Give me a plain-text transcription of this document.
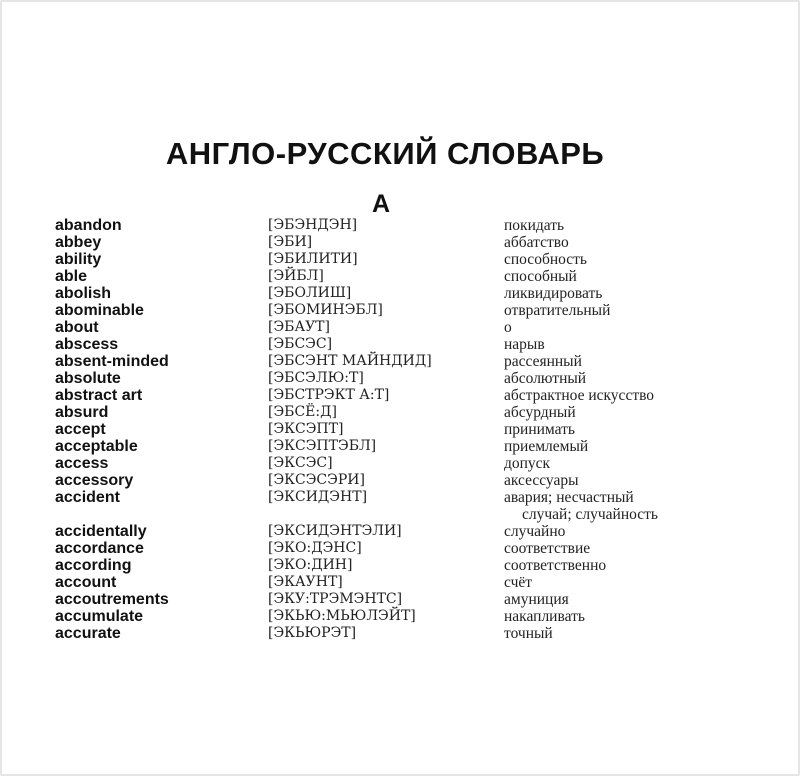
АНГЛО-РУССКИЙ СЛОВАРЬ
А
abandon	[ЭБЭНДЭН]	покидать
abbey	[ЭБИ]	аббатство
ability	[ЭБИЛИТИ]	способность
able	[ЭЙБЛ]	способный
abolish	[ЭБОЛИШ]	ликвидировать
abominable	[ЭБОМИНЭБЛ]	отвратительный
about	[ЭБАУТ]	о
abscess	[ЭБСЭС]	нарыв
absent-minded	[ЭБСЭНТ МАЙНДИД]	рассеянный
absolute	[ЭБСЭЛЮ:Т]	абсолютный
abstract art	[ЭБСТРЭКТ А:Т]	абстрактное искусство
absurd	[ЭБСЁ:Д]	абсурдный
accept	[ЭКСЭПТ]	принимать
acceptable	[ЭКСЭПТЭБЛ]	приемлемый
access	[ЭКСЭС]	допуск
accessory	[ЭКСЭСЭРИ]	аксессуары
accident	[ЭКСИДЭНТ]	авария; несчастный
случай; случайность
accidentally	[ЭКСИДЭНТЭЛИ]	случайно
accordance	[ЭКО:ДЭНС]	соответствие
according	[ЭКО:ДИН]	соответственно
account	[ЭКАУНТ]	счёт
accoutrements	[ЭКУ:ТРЭМЭНТС]	амуниция
accumulate	[ЭКЬЮ:МЬЮЛЭЙТ]	накапливать
accurate	[ЭКЬЮРЭТ]	точный
